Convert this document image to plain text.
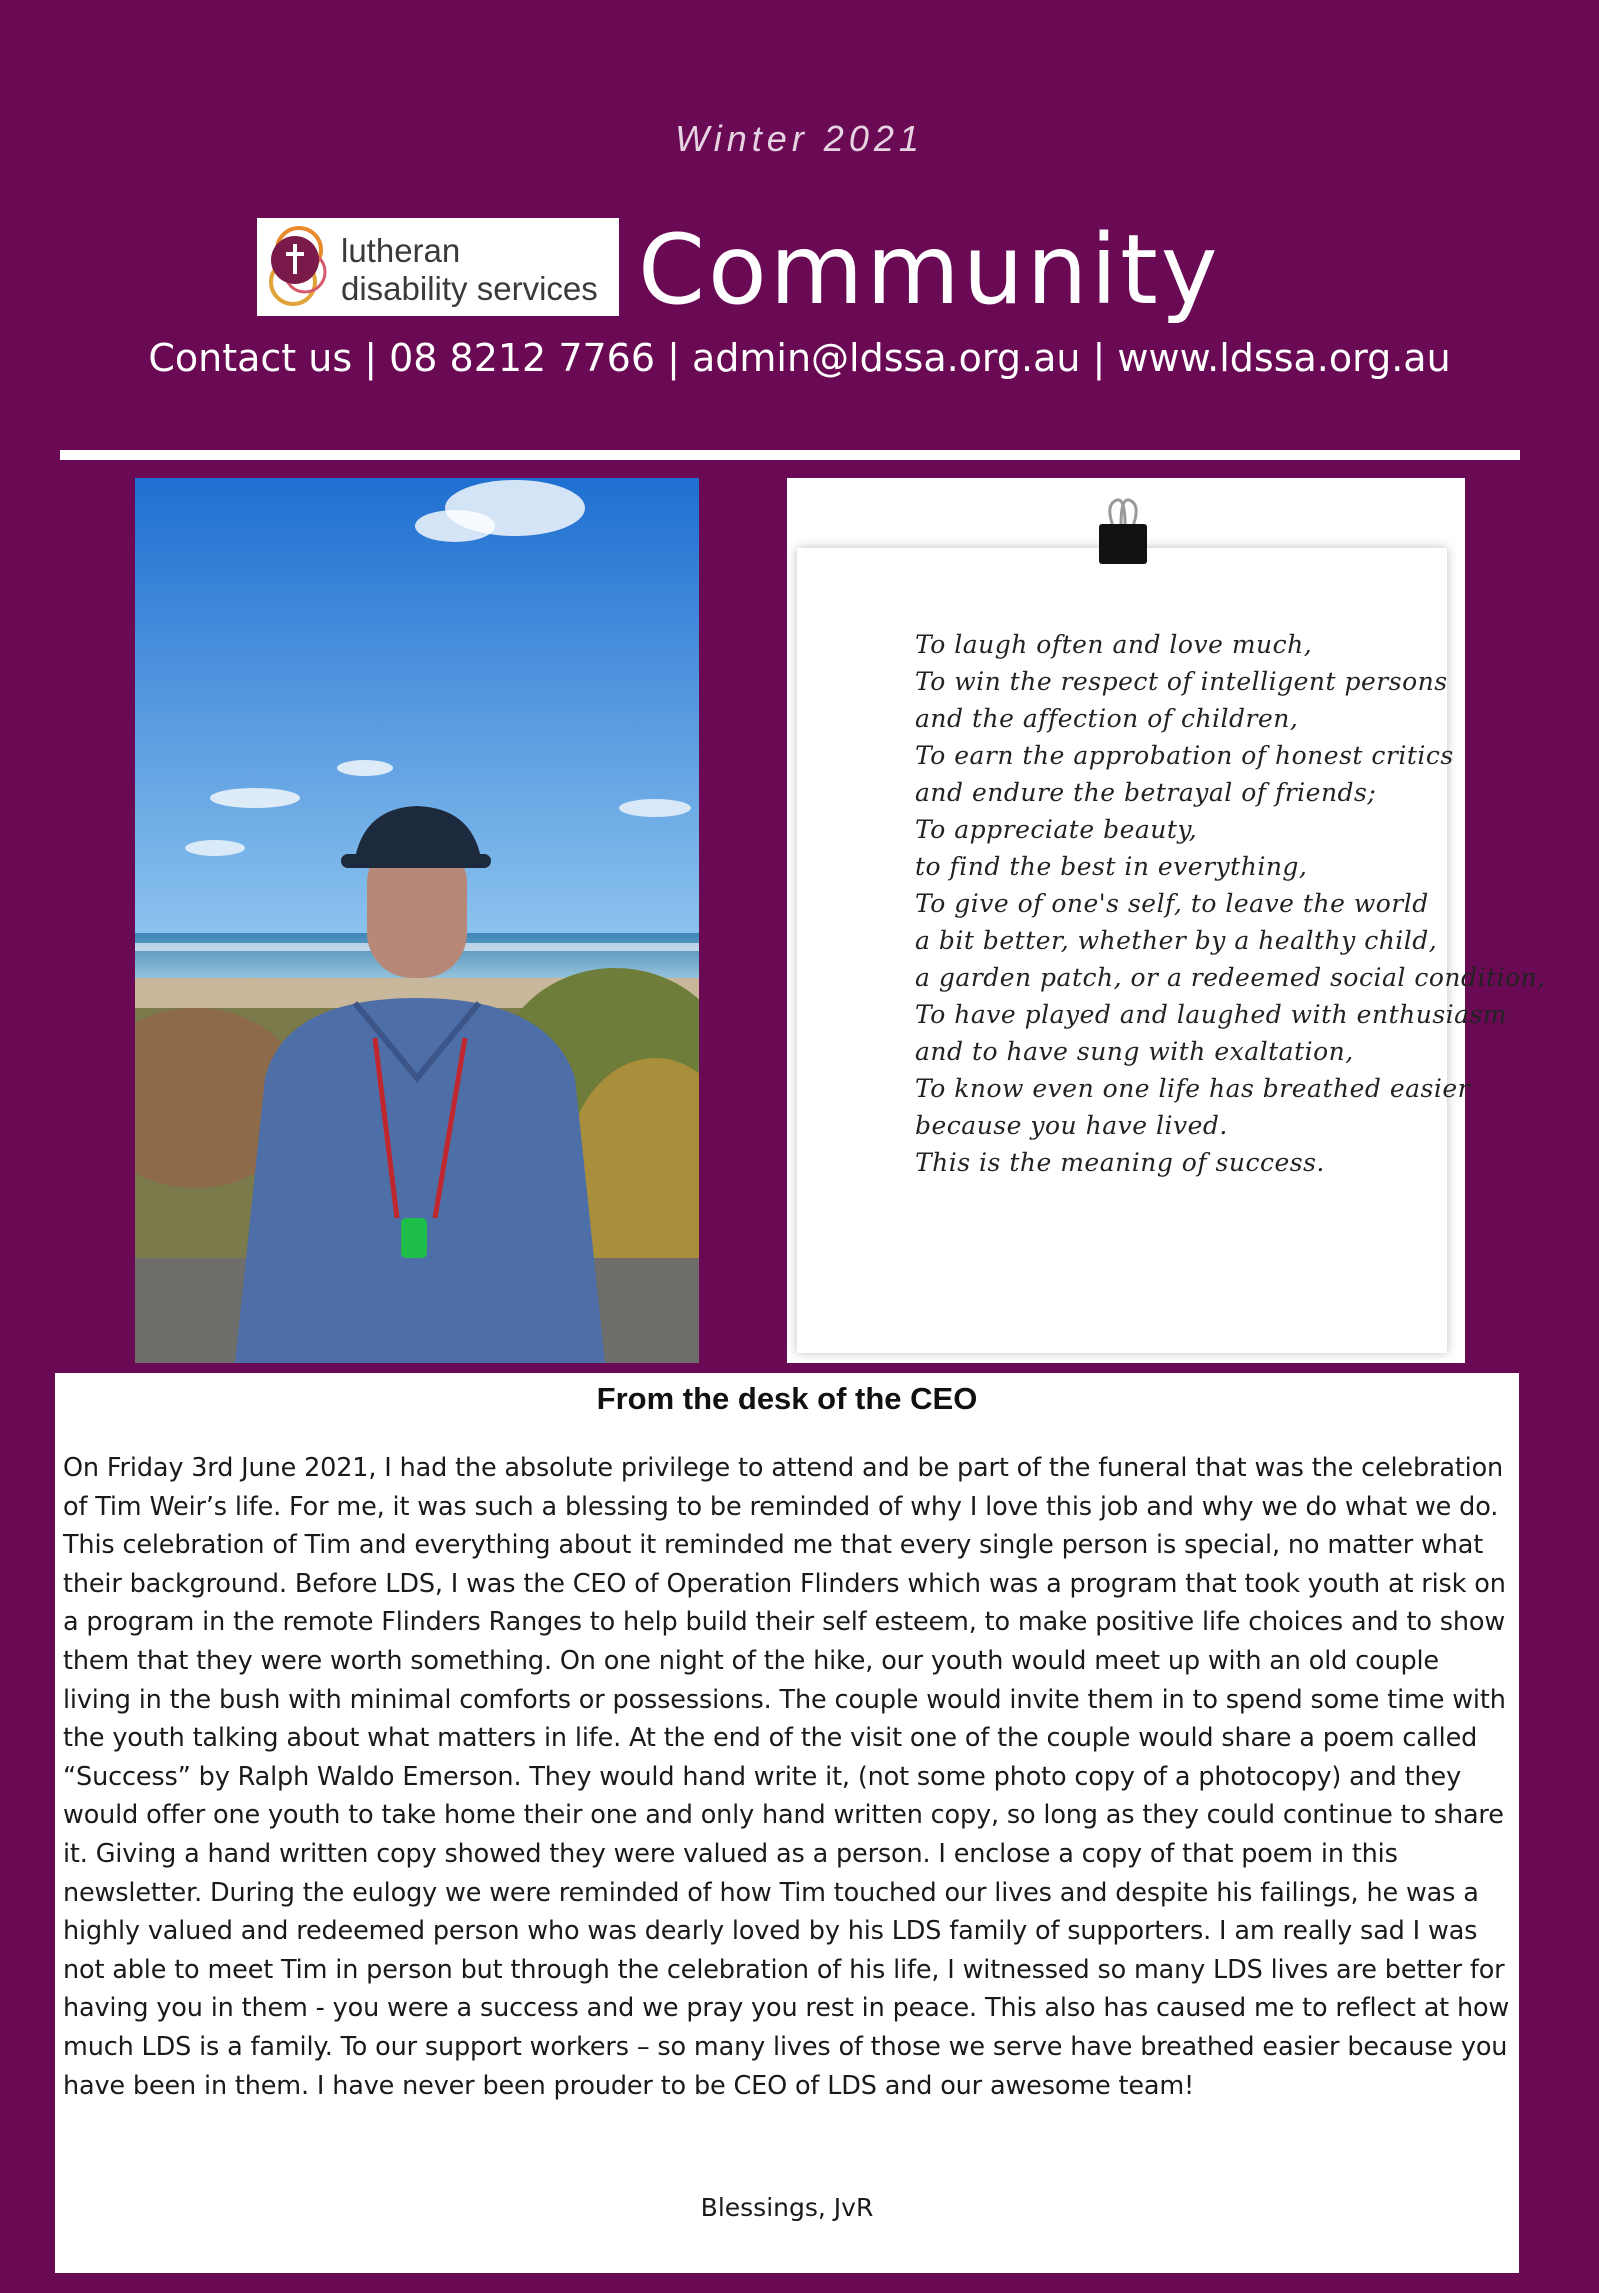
Winter 2021
lutheran
disability services Community
Contact us | 08 8212 7766 | admin@ldssa.org.au | www.ldssa.org.au
To laugh often and love much,
To win the respect of intelligent persons
and the affection of children,
To earn the approbation of honest critics
and endure the betrayal of friends;
To appreciate beauty,
to find the best in everything,
To give of one's self, to leave the world
a bit better, whether by a healthy child,
a garden patch, or a redeemed social condition,
To have played and laughed with enthusiasm
and to have sung with exaltation,
To know even one life has breathed easier
because you have lived.
This is the meaning of success.
From the desk of the CEO

On Friday 3rd June 2021, I had the absolute privilege to attend and be part of the funeral that was the celebration of Tim Weir’s life. For me, it was such a blessing to be reminded of why I love this job and why we do what we do. This celebration of Tim and everything about it reminded me that every single person is special, no matter what their background. Before LDS, I was the CEO of Operation Flinders which was a program that took youth at risk on a program in the remote Flinders Ranges to help build their self esteem, to make positive life choices and to show them that they were worth something. On one night of the hike, our youth would meet up with an old couple living in the bush with minimal comforts or possessions. The couple would invite them in to spend some time with the youth talking about what matters in life. At the end of the visit one of the couple would share a poem called “Success” by Ralph Waldo Emerson. They would hand write it, (not some photo copy of a photocopy) and they would offer one youth to take home their one and only hand written copy, so long as they could continue to share it. Giving a hand written copy showed they were valued as a person. I enclose a copy of that poem in this newsletter. During the eulogy we were reminded of how Tim touched our lives and despite his failings, he was a highly valued and redeemed person who was dearly loved by his LDS family of supporters. I am really sad I was not able to meet Tim in person but through the celebration of his life, I witnessed so many LDS lives are better for having you in them - you were a success and we pray you rest in peace. This also has caused me to reflect at how much LDS is a family. To our support workers – so many lives of those we serve have breathed easier because you have been in them. I have never been prouder to be CEO of LDS and our awesome team!

Blessings, JvR
